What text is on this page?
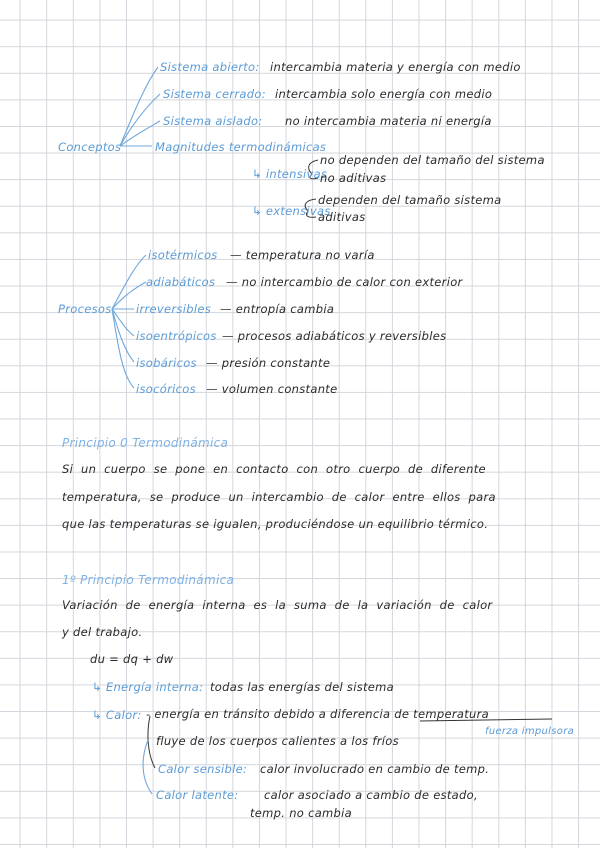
Conceptos
Sistema abierto: intercambia materia y energía con medio
Sistema cerrado: intercambia solo energía con medio
Sistema aislado: no intercambia materia ni energía
Magnitudes termodinámicas
↳ intensivas
no dependen del tamaño del sistema
no aditivas
↳ extensivas
dependen del tamaño sistema
aditivas
Procesos
isotérmicos — temperatura no varía
adiabáticos — no intercambio de calor con exterior
irreversibles — entropía cambia
isoentrópicos — procesos adiabáticos y reversibles
isobáricos — presión constante
isocóricos — volumen constante
Principio 0 Termodinámica
Si un cuerpo se pone en contacto con otro cuerpo de diferente
temperatura, se produce un intercambio de calor entre ellos para
que las temperaturas se igualen, produciéndose un equilibrio térmico.
1º Principio Termodinámica
Variación de energía interna es la suma de la variación de calor
y del trabajo.
du = dq + dw
↳ Energía interna: todas las energías del sistema
↳ Calor: - energía en tránsito debido a diferencia de temperatura
fuerza impulsora
fluye de los cuerpos calientes a los fríos
Calor sensible: calor involucrado en cambio de temp.
Calor latente: calor asociado a cambio de estado,
temp. no cambia
